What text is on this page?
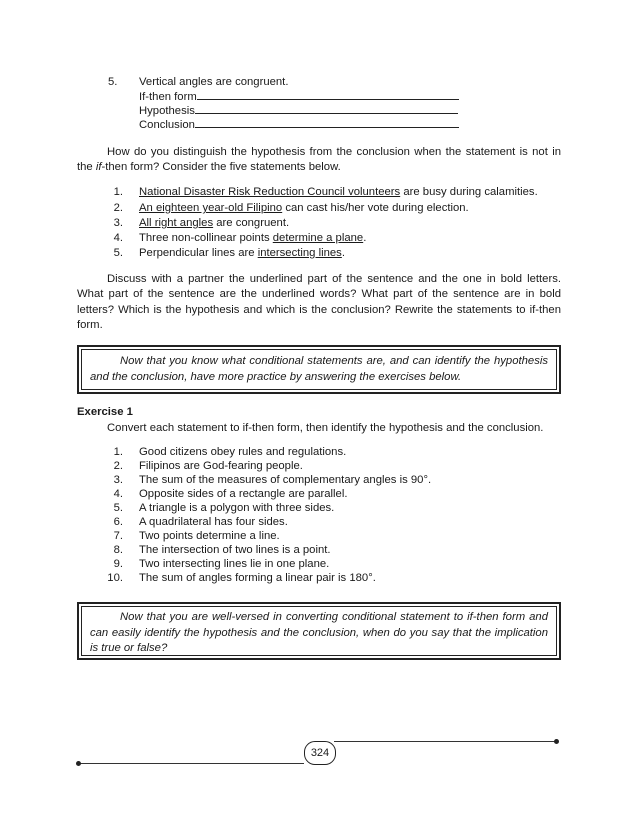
5. Vertical angles are congruent.
If-then form
Hypothesis
Conclusion

How do you distinguish the hypothesis from the conclusion when the statement is not in the if-then form? Consider the five statements below.

1. National Disaster Risk Reduction Council volunteers are busy during calamities.
2. An eighteen year-old Filipino can cast his/her vote during election.
3. All right angles are congruent.
4. Three non-collinear points determine a plane.
5. Perpendicular lines are intersecting lines.

Discuss with a partner the underlined part of the sentence and the one in bold letters. What part of the sentence are the underlined words? What part of the sentence are in bold letters? Which is the hypothesis and which is the conclusion? Rewrite the statements to if-then form.

Now that you know what conditional statements are, and can identify the hypothesis and the conclusion, have more practice by answering the exercises below.
Exercise 1
Convert each statement to if-then form, then identify the hypothesis and the conclusion.
1. Good citizens obey rules and regulations.
2. Filipinos are God-fearing people.
3. The sum of the measures of complementary angles is 90°.
4. Opposite sides of a rectangle are parallel.
5. A triangle is a polygon with three sides.
6. A quadrilateral has four sides.
7. Two points determine a line.
8. The intersection of two lines is a point.
9. Two intersecting lines lie in one plane.
10. The sum of angles forming a linear pair is 180°.
Now that you are well-versed in converting conditional statement to if-then form and can easily identify the hypothesis and the conclusion, when do you say that the implication is true or false?
324
